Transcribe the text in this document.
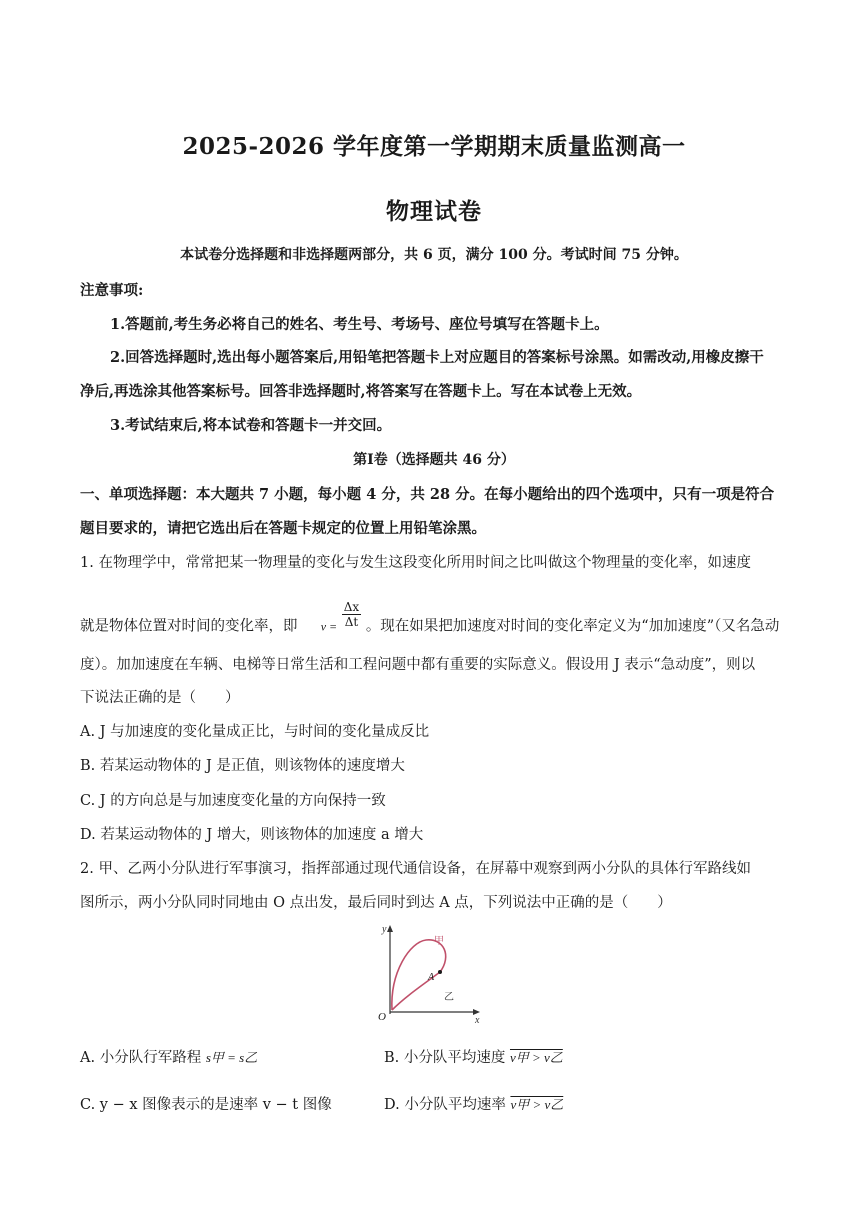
2025-2026 学年度第一学期期末质量监测高一
物理试卷
本试卷分选择题和非选择题两部分，共 6 页，满分 100 分。考试时间 75 分钟。
注意事项:
1.答题前,考生务必将自己的姓名、考生号、考场号、座位号填写在答题卡上。
2.回答选择题时,选出每小题答案后,用铅笔把答题卡上对应题目的答案标号涂黑。如需改动,用橡皮擦干
净后,再选涂其他答案标号。回答非选择题时,将答案写在答题卡上。写在本试卷上无效。
3.考试结束后,将本试卷和答题卡一并交回。
第Ⅰ卷（选择题共 46 分）
一、单项选择题：本大题共 7 小题，每小题 4 分，共 28 分。在每小题给出的四个选项中，只有一项是符合
题目要求的，请把它选出后在答题卡规定的位置上用铅笔涂黑。
1. 在物理学中，常常把某一物理量的变化与发生这段变化所用时间之比叫做这个物理量的变化率，如速度
就是物体位置对时间的变化率，即 $v = \frac{\Delta x}{\Delta t}$ 。现在如果把加速度对时间的变化率定义为“加加速度”（又名急动
度）。加加速度在车辆、电梯等日常生活和工程问题中都有重要的实际意义。假设用 J 表示“急动度”，则以
下说法正确的是（　　）
A. J 与加速度的变化量成正比，与时间的变化量成反比
B. 若某运动物体的 J 是正值，则该物体的速度增大
C. J 的方向总是与加速度变化量的方向保持一致
D. 若某运动物体的 J 增大，则该物体的加速度 a 增大
2. 甲、乙两小分队进行军事演习，指挥部通过现代通信设备，在屏幕中观察到两小分队的具体行军路线如
图所示，两小分队同时同地由 O 点出发，最后同时到达 A 点，下列说法中正确的是（　　）
y
x
O
A
甲
乙
A. 小分队行军路程 s甲 = s乙	B. 小分队平均速度 v甲 > v乙
C. y − x 图像表示的是速率 v − t 图像	D. 小分队平均速率 v甲 > v乙
